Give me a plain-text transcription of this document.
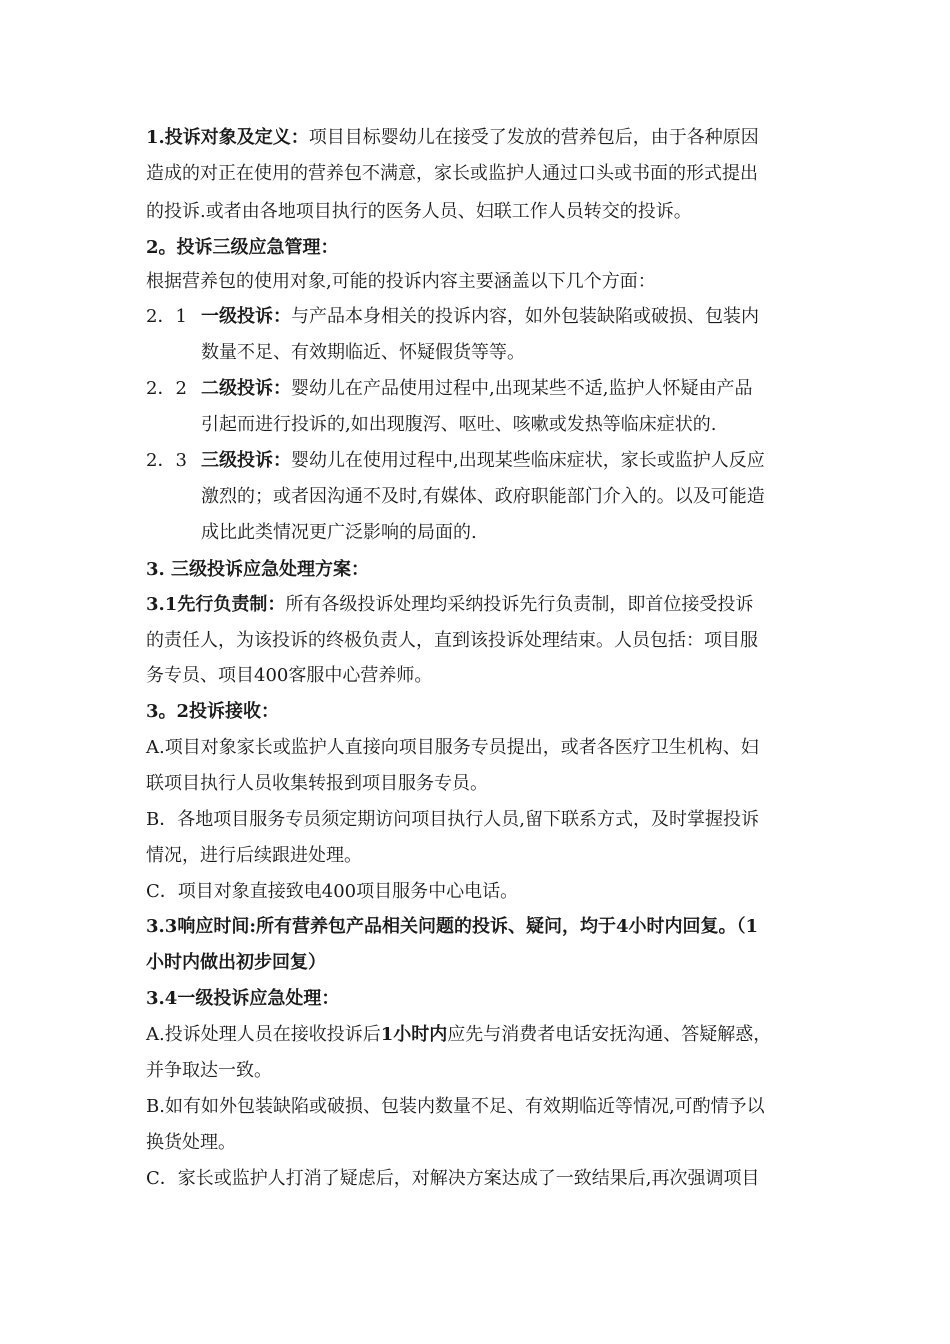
1.投诉对象及定义：项目目标婴幼儿在接受了发放的营养包后，由于各种原因
造成的对正在使用的营养包不满意，家长或监护人通过口头或书面的形式提出
的投诉.或者由各地项目执行的医务人员、妇联工作人员转交的投诉。
2。投诉三级应急管理：
根据营养包的使用对象,可能的投诉内容主要涵盖以下几个方面：
2．1 一级投诉：与产品本身相关的投诉内容，如外包装缺陷或破损、包装内
数量不足、有效期临近、怀疑假货等等。
2．2 二级投诉：婴幼儿在产品使用过程中,出现某些不适,监护人怀疑由产品
引起而进行投诉的,如出现腹泻、呕吐、咳嗽或发热等临床症状的.
2．3 三级投诉：婴幼儿在使用过程中,出现某些临床症状，家长或监护人反应
激烈的；或者因沟通不及时,有媒体、政府职能部门介入的。以及可能造
成比此类情况更广泛影响的局面的.
3. 三级投诉应急处理方案：
3.1先行负责制：所有各级投诉处理均采纳投诉先行负责制，即首位接受投诉
的责任人，为该投诉的终极负责人，直到该投诉处理结束。人员包括：项目服
务专员、项目400客服中心营养师。
3。2投诉接收：
A.项目对象家长或监护人直接向项目服务专员提出，或者各医疗卫生机构、妇
联项目执行人员收集转报到项目服务专员。
B．各地项目服务专员须定期访问项目执行人员,留下联系方式，及时掌握投诉
情况，进行后续跟进处理。
C．项目对象直接致电400项目服务中心电话。
3.3响应时间:所有营养包产品相关问题的投诉、疑问，均于4小时内回复。（1
小时内做出初步回复）
3.4一级投诉应急处理：
A.投诉处理人员在接收投诉后1小时内应先与消费者电话安抚沟通、答疑解惑，
并争取达一致。
B.如有如外包装缺陷或破损、包装内数量不足、有效期临近等情况,可酌情予以
换货处理。
C．家长或监护人打消了疑虑后，对解决方案达成了一致结果后,再次强调项目
